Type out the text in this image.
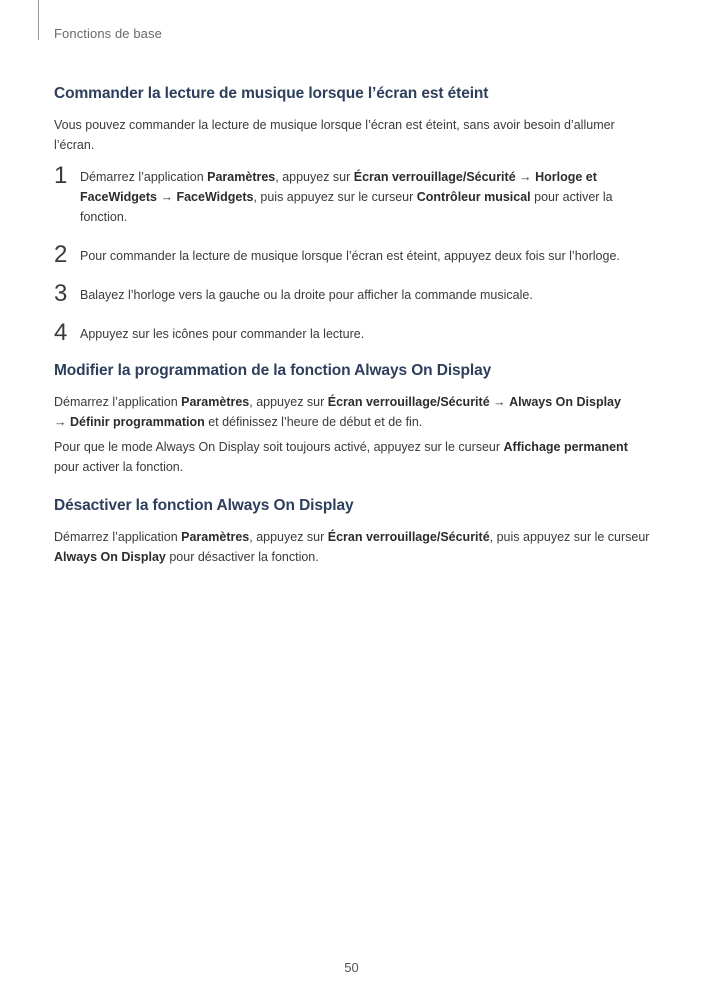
Fonctions de base
Commander la lecture de musique lorsque l’écran est éteint

Vous pouvez commander la lecture de musique lorsque l’écran est éteint, sans avoir besoin d’allumer l’écran.

1 Démarrez l’application Paramètres, appuyez sur Écran verrouillage/Sécurité → Horloge et FaceWidgets → FaceWidgets, puis appuyez sur le curseur Contrôleur musical pour activer la fonction.

2 Pour commander la lecture de musique lorsque l’écran est éteint, appuyez deux fois sur l’horloge.

3 Balayez l’horloge vers la gauche ou la droite pour afficher la commande musicale.

4 Appuyez sur les icônes pour commander la lecture.

Modifier la programmation de la fonction Always On Display

Démarrez l’application Paramètres, appuyez sur Écran verrouillage/Sécurité → Always On Display
→ Définir programmation et définissez l’heure de début et de fin.

Pour que le mode Always On Display soit toujours activé, appuyez sur le curseur Affichage permanent pour activer la fonction.

Désactiver la fonction Always On Display

Démarrez l’application Paramètres, appuyez sur Écran verrouillage/Sécurité, puis appuyez sur le curseur Always On Display pour désactiver la fonction.

50
